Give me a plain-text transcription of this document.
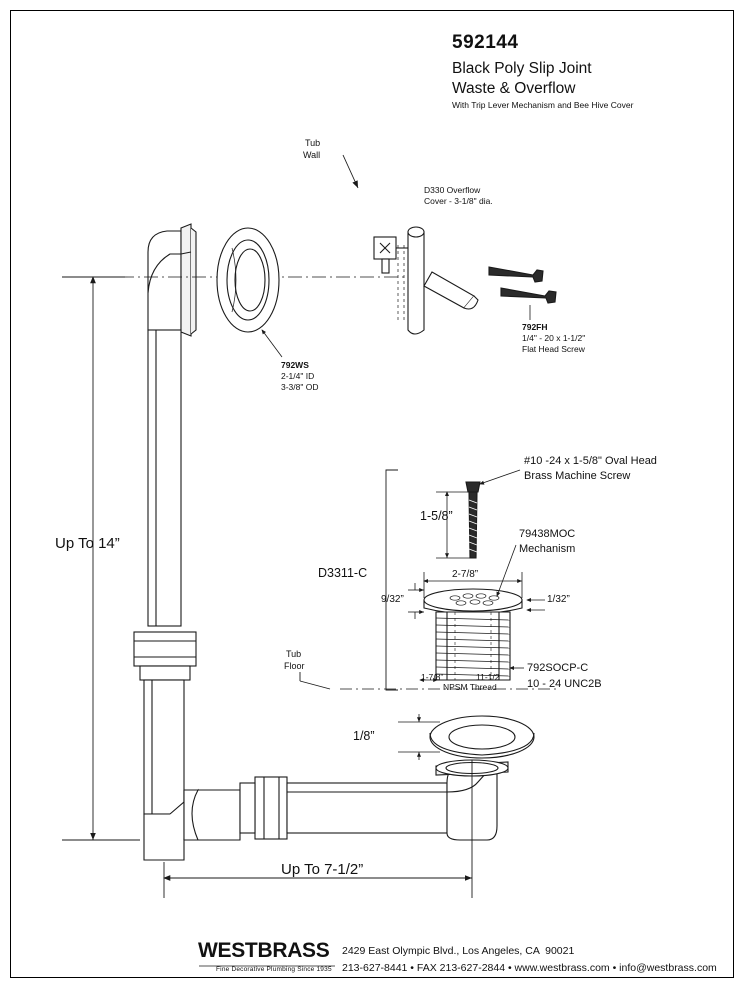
592144
Black Poly Slip Joint
Waste & Overflow
With Trip Lever Mechanism and Bee Hive Cover
Tub
Wall
D330 Overflow
Cover - 3-1/8" dia.
792FH
1/4" - 20 x 1-1/2"
Flat Head Screw
792WS
2-1/4" ID
3-3/8" OD
#10 -24 x 1-5/8" Oval Head
Brass Machine Screw
1-5/8”
79438MOC
Mechanism
D3311-C	2-7/8”
9/32”	1/32”
Tub
Floor
1-7/8”	11-1/2
NPSM Thread
792SOCP-C
10 - 24 UNC2B
1/8”
Up To 14”
Up To 7-1/2”
WESTBRASS
Fine Decorative Plumbing Since 1935
2429 East Olympic Blvd., Los Angeles, CA  90021
213-627-8441 • FAX 213-627-2844 • www.westbrass.com • info@westbrass.com
